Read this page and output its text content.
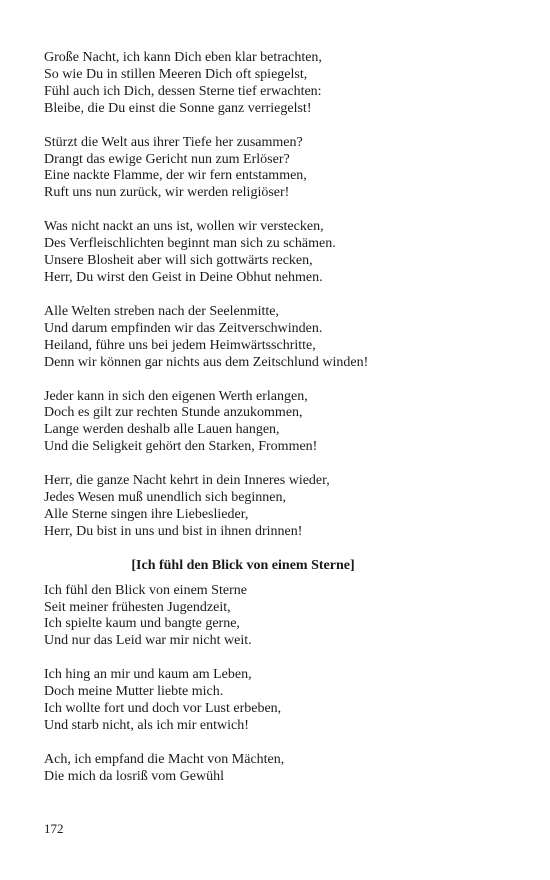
Große Nacht, ich kann Dich eben klar betrachten,
So wie Du in stillen Meeren Dich oft spiegelst,
Fühl auch ich Dich, dessen Sterne tief erwachten:
Bleibe, die Du einst die Sonne ganz verriegelst!
Stürzt die Welt aus ihrer Tiefe her zusammen?
Drangt das ewige Gericht nun zum Erlöser?
Eine nackte Flamme, der wir fern entstammen,
Ruft uns nun zurück, wir werden religiöser!
Was nicht nackt an uns ist, wollen wir verstecken,
Des Verfleischlichten beginnt man sich zu schämen.
Unsere Blosheit aber will sich gottwärts recken,
Herr, Du wirst den Geist in Deine Obhut nehmen.
Alle Welten streben nach der Seelenmitte,
Und darum empfinden wir das Zeitverschwinden.
Heiland, führe uns bei jedem Heimwärtsschritte,
Denn wir können gar nichts aus dem Zeitschlund winden!
Jeder kann in sich den eigenen Werth erlangen,
Doch es gilt zur rechten Stunde anzukommen,
Lange werden deshalb alle Lauen hangen,
Und die Seligkeit gehört den Starken, Frommen!
Herr, die ganze Nacht kehrt in dein Inneres wieder,
Jedes Wesen muß unendlich sich beginnen,
Alle Sterne singen ihre Liebeslieder,
Herr, Du bist in uns und bist in ihnen drinnen!
[Ich fühl den Blick von einem Sterne]
Ich fühl den Blick von einem Sterne
Seit meiner frühesten Jugendzeit,
Ich spielte kaum und bangte gerne,
Und nur das Leid war mir nicht weit.
Ich hing an mir und kaum am Leben,
Doch meine Mutter liebte mich.
Ich wollte fort und doch vor Lust erbeben,
Und starb nicht, als ich mir entwich!
Ach, ich empfand die Macht von Mächten,
Die mich da losriß vom Gewühl
172
